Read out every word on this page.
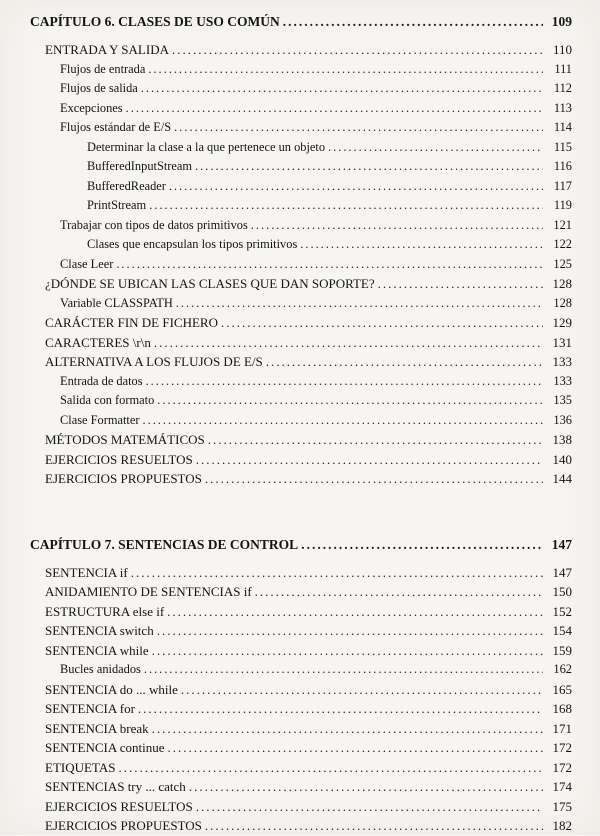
CAPÍTULO 6. CLASES DE USO COMÚN .....	109
ENTRADA Y SALIDA .....	110
Flujos de entrada .....	111
Flujos de salida .....	112
Excepciones .....	113
Flujos estándar de E/S .....	114
Determinar la clase a la que pertenece un objeto .....	115
BufferedInputStream .....	116
BufferedReader .....	117
PrintStream .....	119
Trabajar con tipos de datos primitivos .....	121
Clases que encapsulan los tipos primitivos .....	122
Clase Leer .....	125
¿DÓNDE SE UBICAN LAS CLASES QUE DAN SOPORTE? .....	128
Variable CLASSPATH .....	128
CARÁCTER FIN DE FICHERO .....	129
CARACTERES \r\n .....	131
ALTERNATIVA A LOS FLUJOS DE E/S .....	133
Entrada de datos .....	133
Salida con formato .....	135
Clase Formatter .....	136
MÉTODOS MATEMÁTICOS .....	138
EJERCICIOS RESUELTOS .....	140
EJERCICIOS PROPUESTOS .....	144
CAPÍTULO 7. SENTENCIAS DE CONTROL .....	147
SENTENCIA if .....	147
ANIDAMIENTO DE SENTENCIAS if .....	150
ESTRUCTURA else if .....	152
SENTENCIA switch .....	154
SENTENCIA while .....	159
Bucles anidados .....	162
SENTENCIA do ... while .....	165
SENTENCIA for .....	168
SENTENCIA break .....	171
SENTENCIA continue .....	172
ETIQUETAS .....	172
SENTENCIAS try ... catch .....	174
EJERCICIOS RESUELTOS .....	175
EJERCICIOS PROPUESTOS .....	182
